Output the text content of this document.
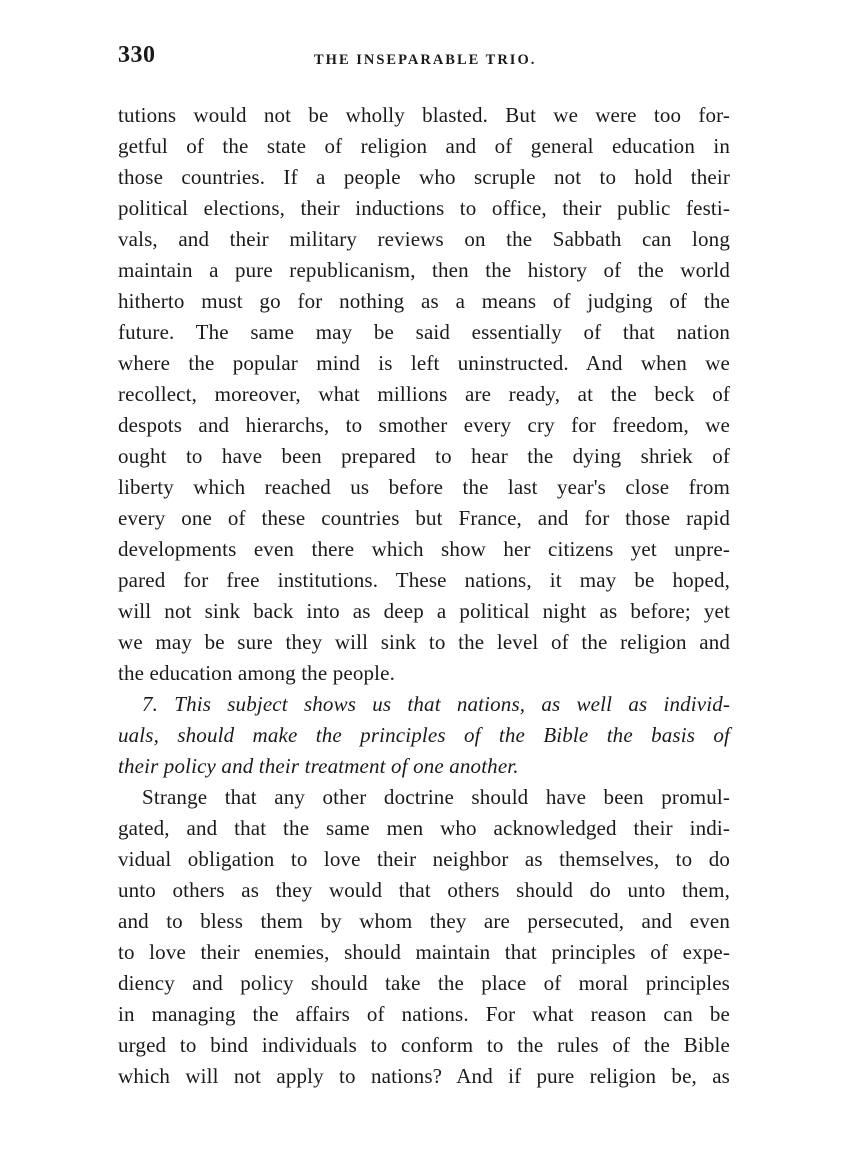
330	THE INSEPARABLE TRIO.
tutions would not be wholly blasted. But we were too for-
getful of the state of religion and of general education in
those countries. If a people who scruple not to hold their
political elections, their inductions to office, their public festi-
vals, and their military reviews on the Sabbath can long
maintain a pure republicanism, then the history of the world
hitherto must go for nothing as a means of judging of the
future. The same may be said essentially of that nation
where the popular mind is left uninstructed. And when we
recollect, moreover, what millions are ready, at the beck of
despots and hierarchs, to smother every cry for freedom, we
ought to have been prepared to hear the dying shriek of
liberty which reached us before the last year's close from
every one of these countries but France, and for those rapid
developments even there which show her citizens yet unpre-
pared for free institutions. These nations, it may be hoped,
will not sink back into as deep a political night as before; yet
we may be sure they will sink to the level of the religion and
the education among the people.
7. This subject shows us that nations, as well as individ-
uals, should make the principles of the Bible the basis of
their policy and their treatment of one another.
Strange that any other doctrine should have been promul-
gated, and that the same men who acknowledged their indi-
vidual obligation to love their neighbor as themselves, to do
unto others as they would that others should do unto them,
and to bless them by whom they are persecuted, and even
to love their enemies, should maintain that principles of expe-
diency and policy should take the place of moral principles
in managing the affairs of nations. For what reason can be
urged to bind individuals to conform to the rules of the Bible
which will not apply to nations? And if pure religion be, as
